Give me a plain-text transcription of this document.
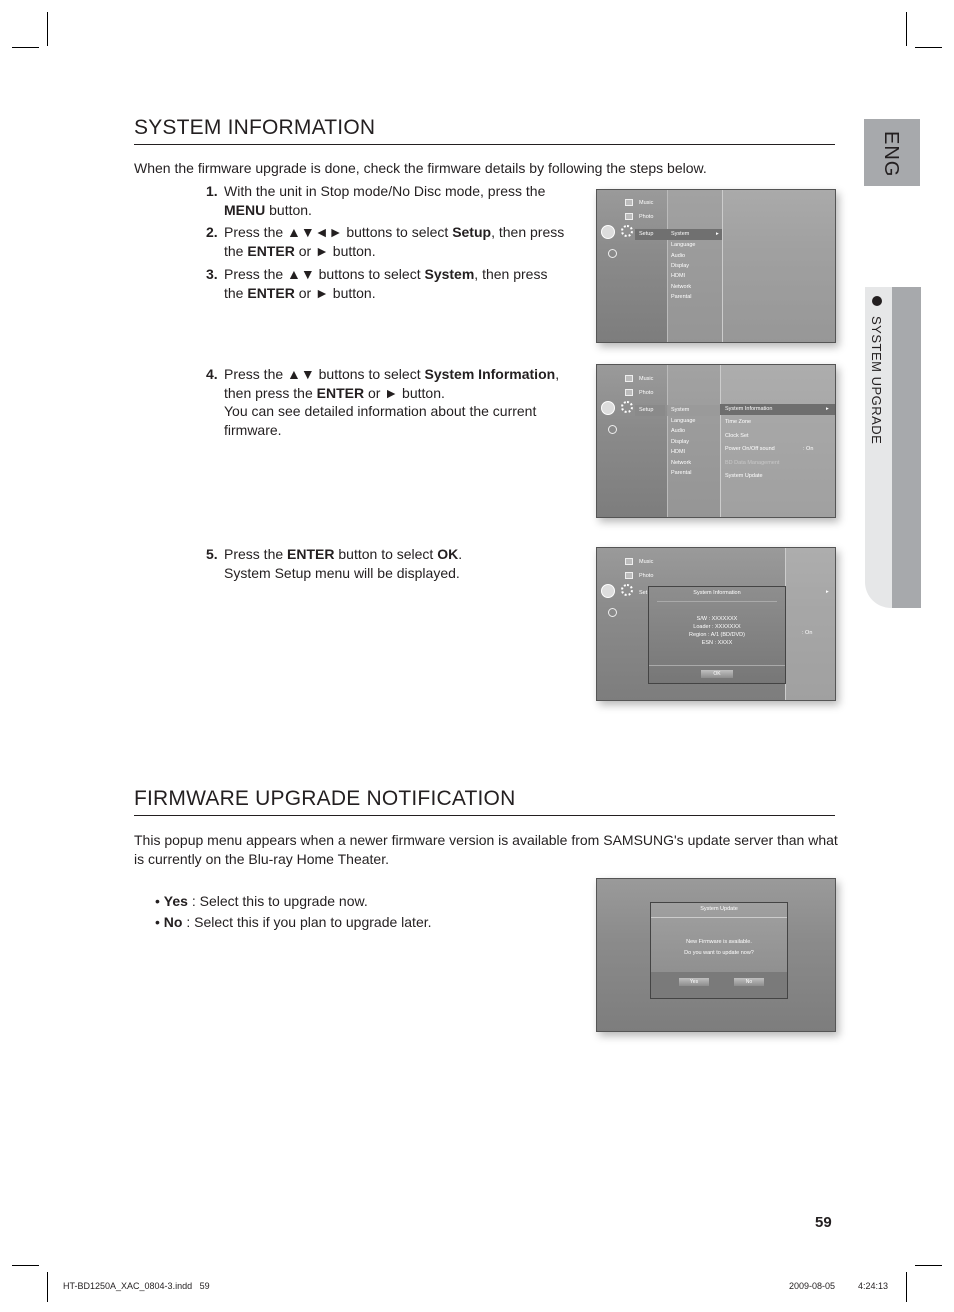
ENG
SYSTEM UPGRADE
SYSTEM INFORMATION
When the firmware upgrade is done, check the firmware details by following the steps below.
1. With the unit in Stop mode/No Disc mode, press the MENU button.
2. Press the ▲▼◄► buttons to select Setup, then press the ENTER or ► button.
3. Press the ▲▼ buttons to select System, then press the ENTER or ► button.
4. Press the ▲▼ buttons to select System Information, then press the ENTER or ► button.
You can see detailed information about the current firmware.
5. Press the ENTER button to select OK.
System Setup menu will be displayed.
Music
Photo
Setup	System
Language
Audio
Display
HDMI
Network
Parental
▸
Music
Photo
Setup	System
Language
Audio
Display
HDMI
Network
Parental
System Information	▸
Time Zone
Clock Set
Power On/Off sound	: On
BD Data Management
System Update
Music
Photo
Set	▸
: On
System Information
S/W : XXXXXXX
Loader : XXXXXXX
Region : A/1 (BD/DVD)
ESN : XXXX
OK
FIRMWARE UPGRADE NOTIFICATION
This popup menu appears when a newer firmware version is available from SAMSUNG's update server than what is currently on the Blu-ray Home Theater.
• Yes : Select this to upgrade now.
• No : Select this if you plan to upgrade later.
System Update
New Firmware is available.
Do you want to update now?
Yes	No
59
HT-BD1250A_XAC_0804-3.indd   59	2009-08-05	4:24:13
